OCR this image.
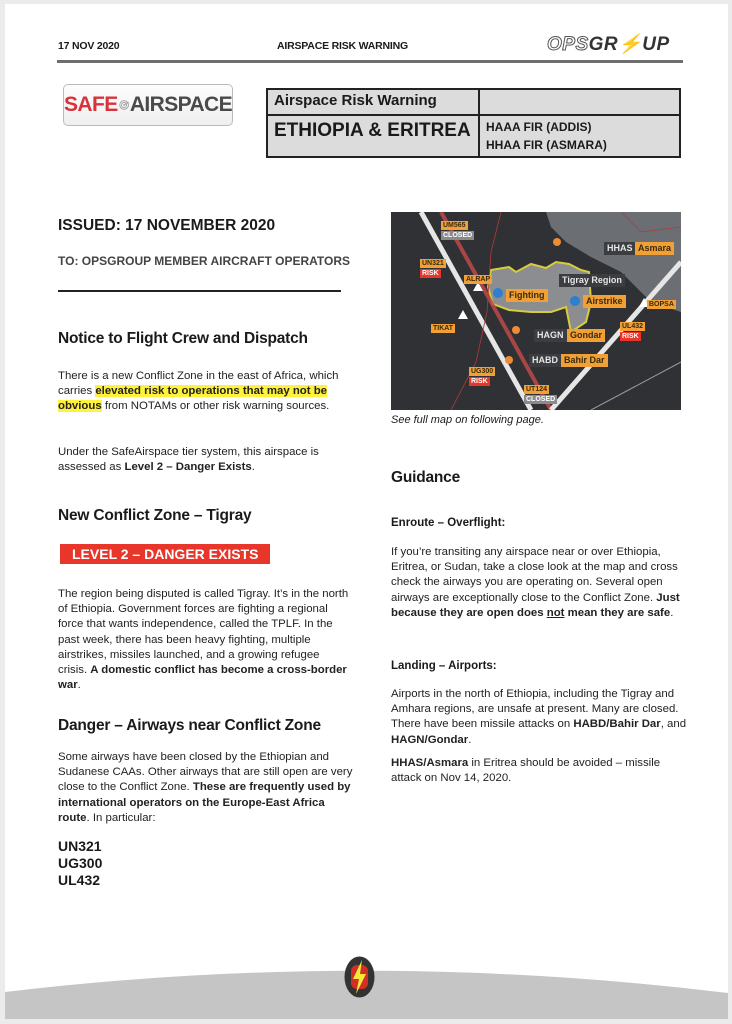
17 NOV 2020	AIRSPACE RISK WARNING	OPSGR⚡UP
SAFE AIRSPACE	Airspace Risk Warning	
ETHIOPIA & ERITREA	HAAA FIR (ADDIS)
HHAA FIR (ASMARA)
ISSUED: 17 NOVEMBER 2020
TO: OPSGROUP MEMBER AIRCRAFT OPERATORS
Notice to Flight Crew and Dispatch

There is a new Conflict Zone in the east of Africa, which carries elevated risk to operations that may not be obvious from NOTAMs or other risk warning sources.

Under the SafeAirspace tier system, this airspace is assessed as Level 2 – Danger Exists.

New Conflict Zone – Tigray
LEVEL 2 – DANGER EXISTS

The region being disputed is called Tigray. It’s in the north of Ethiopia. Government forces are fighting a regional force that wants independence, called the TPLF. In the past week, there has been heavy fighting, multiple airstrikes, missiles launched, and a growing refugee crisis. A domestic conflict has become a cross-border war.

Danger – Airways near Conflict Zone

Some airways have been closed by the Ethiopian and Sudanese CAAs. Other airways that are still open are very close to the Conflict Zone. These are frequently used by international operators on the Europe-East Africa route. In particular:

UN321
UG300
UL432
UM565
CLOSED
UN321
RISK
ALRAP
TIKAT
BOPSA
UL432
RISK
UG300
RISK
UT124
CLOSED
HHAS Asmara
Tigray Region
Fighting
Airstrike
HAGN Gondar
HABD Bahir Dar
See full map on following page.
Guidance
Enroute – Overflight:

If you’re transiting any airspace near or over Ethiopia, Eritrea, or Sudan, take a close look at the map and cross check the airways you are operating on. Several open airways are exceptionally close to the Conflict Zone. Just because they are open does not mean they are safe.

Landing – Airports:

Airports in the north of Ethiopia, including the Tigray and Amhara regions, are unsafe at present. Many are closed. There have been missile attacks on HABD/Bahir Dar, and HAGN/Gondar.

HHAS/Asmara in Eritrea should be avoided – missile attack on Nov 14, 2020.
